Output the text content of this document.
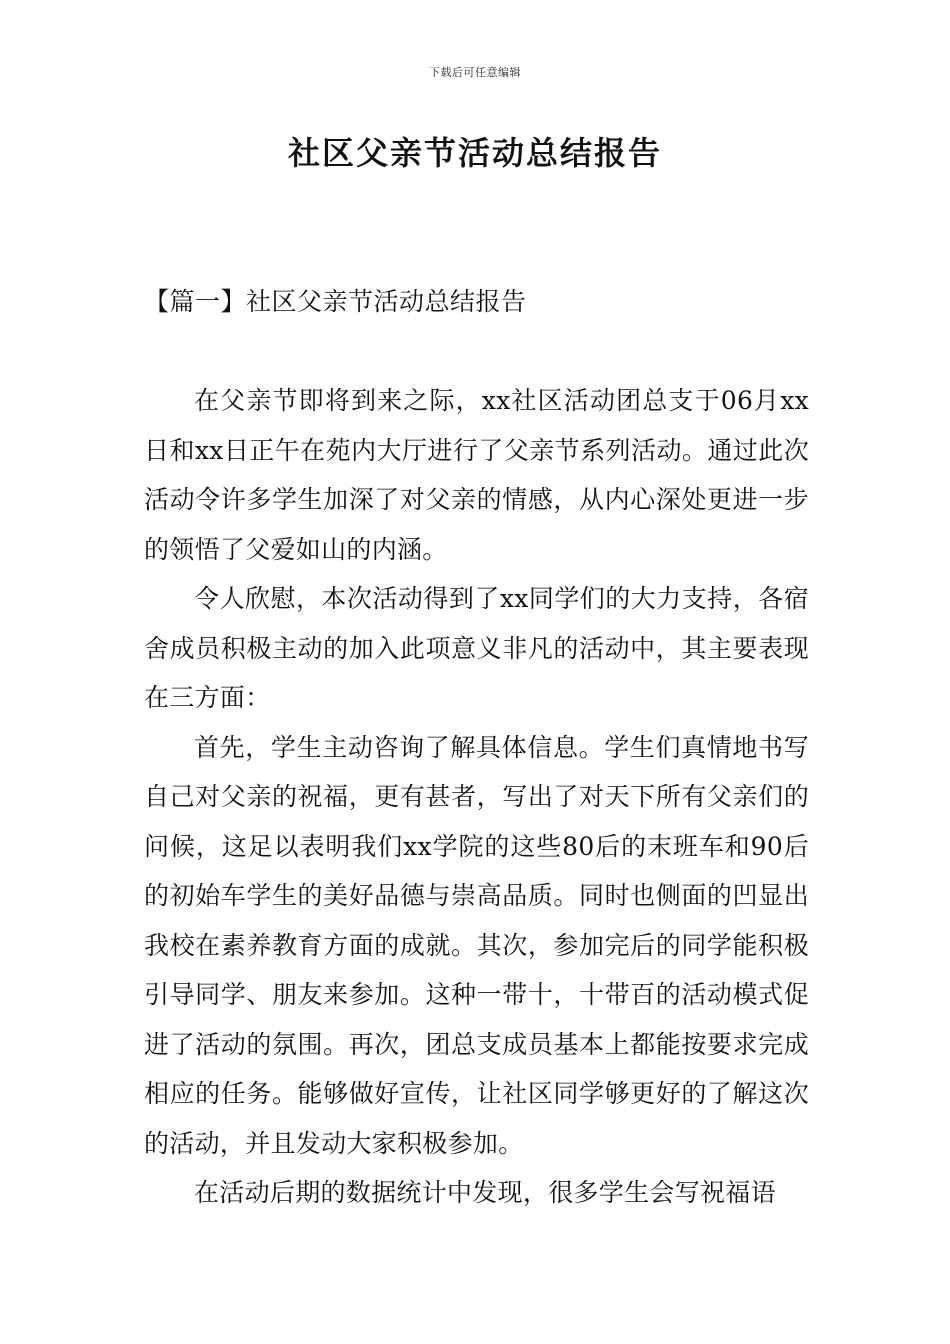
下载后可任意编辑
社区父亲节活动总结报告
【篇一】社区父亲节活动总结报告

在父亲节即将到来之际，xx社区活动团总支于06月xx日和xx日正午在苑内大厅进行了父亲节系列活动。通过此次活动令许多学生加深了对父亲的情感，从内心深处更进一步的领悟了父爱如山的内涵。

令人欣慰，本次活动得到了xx同学们的大力支持，各宿舍成员积极主动的加入此项意义非凡的活动中，其主要表现在三方面：

首先，学生主动咨询了解具体信息。学生们真情地书写自己对父亲的祝福，更有甚者，写出了对天下所有父亲们的问候，这足以表明我们xx学院的这些80后的末班车和90后的初始车学生的美好品德与崇高品质。同时也侧面的凹显出我校在素养教育方面的成就。其次，参加完后的同学能积极引导同学、朋友来参加。这种一带十，十带百的活动模式促进了活动的氛围。再次，团总支成员基本上都能按要求完成相应的任务。能够做好宣传，让社区同学够更好的了解这次的活动，并且发动大家积极参加。

在活动后期的数据统计中发现，很多学生会写祝福语
